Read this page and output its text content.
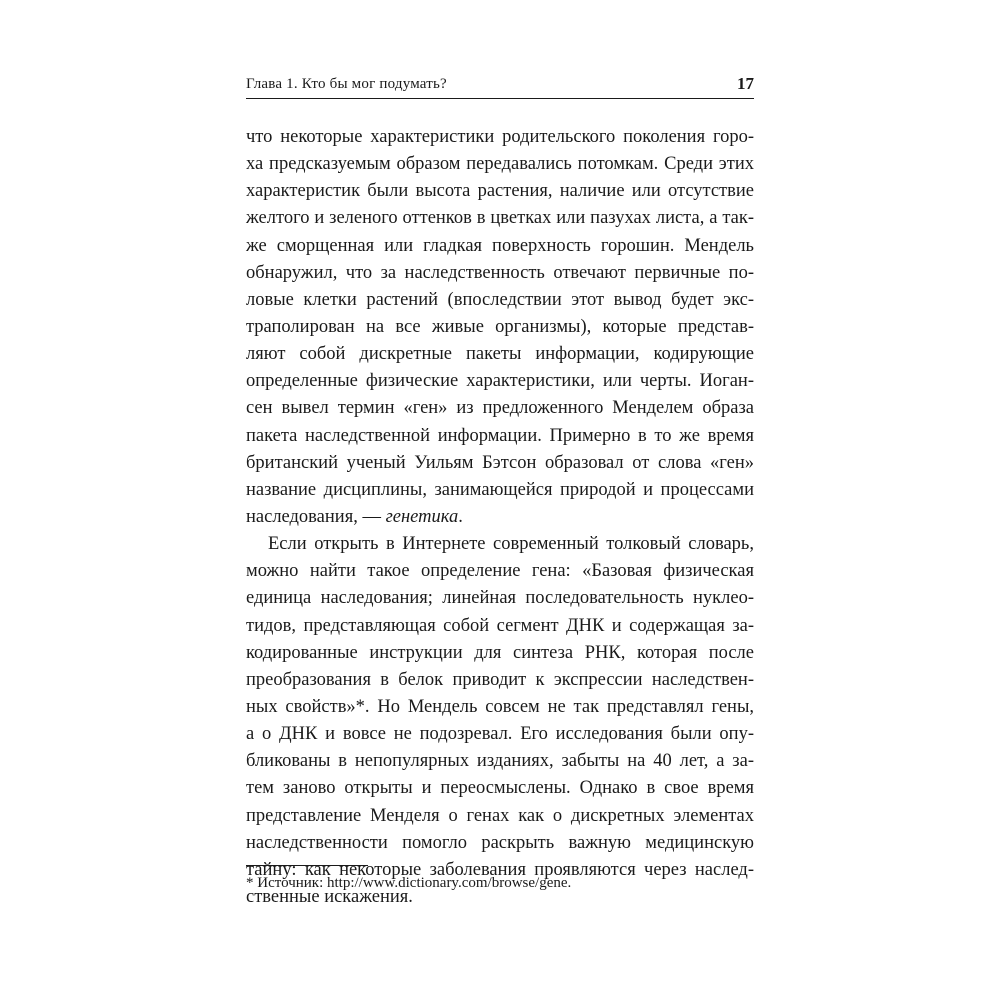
Глава 1. Кто бы мог подумать?	17
что некоторые характеристики родительского поколения горо-
ха предсказуемым образом передавались потомкам. Среди этих
характеристик были высота растения, наличие или отсутствие
желтого и зеленого оттенков в цветках или пазухах листа, а так-
же сморщенная или гладкая поверхность горошин. Мендель
обнаружил, что за наследственность отвечают первичные по-
ловые клетки растений (впоследствии этот вывод будет экс-
траполирован на все живые организмы), которые представ-
ляют собой дискретные пакеты информации, кодирующие
определенные физические характеристики, или черты. Иоган-
сен вывел термин «ген» из предложенного Менделем образа
пакета наследственной информации. Примерно в то же время
британский ученый Уильям Бэтсон образовал от слова «ген»
название дисциплины, занимающейся природой и процессами
наследования, — генетика.
Если открыть в Интернете современный толковый словарь,
можно найти такое определение гена: «Базовая физическая
единица наследования; линейная последовательность нуклео-
тидов, представляющая собой сегмент ДНК и содержащая за-
кодированные инструкции для синтеза РНК, которая после
преобразования в белок приводит к экспрессии наследствен-
ных свойств»*. Но Мендель совсем не так представлял гены,
а о ДНК и вовсе не подозревал. Его исследования были опу-
бликованы в непопулярных изданиях, забыты на 40 лет, а за-
тем заново открыты и переосмыслены. Однако в свое время
представление Менделя о генах как о дискретных элементах
наследственности помогло раскрыть важную медицинскую
тайну: как некоторые заболевания проявляются через наслед-
ственные искажения.
* Источник: http://www.dictionary.com/browse/gene.
